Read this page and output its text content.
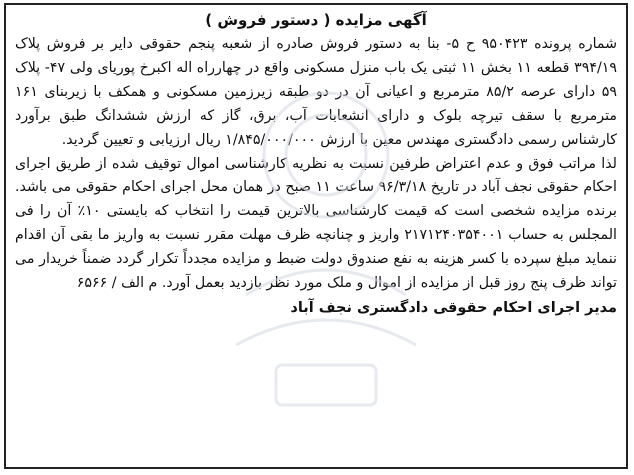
آگهی مزایده ( دستور فروش )

شماره پرونده ۹۵۰۴۲۳ ح ۵- بنا به دستور فروش صادره از شعبه پنجم حقوقی دایر بر فروش پلاک ۳۹۴/۱۹ قطعه ۱۱ بخش ۱۱ ثبتی یک باب منزل مسکونی واقع در چهارراه اله اکبرخ پوریای ولی ۴۷- پلاک ۵۹ دارای عرصه ۸۵/۲ مترمربع و اعیانی آن در دو طبقه زیرزمین مسکونی و همکف با زیربنای ۱۶۱ مترمربع با سقف تیرچه بلوک و دارای انشعابات آب، برق، گاز که ارزش ششدانگ طبق برآورد کارشناس رسمی دادگستری مهندس معین با ارزش ۱/۸۴۵/۰۰۰/۰۰۰ ریال ارزیابی و تعیین گردید.

لذا مراتب فوق و عدم اعتراض طرفین نسبت به نظریه کارشناسی اموال توقیف شده از طریق اجرای احکام حقوقی نجف آباد در تاریخ ۹۶/۳/۱۸ ساعت ۱۱ صبح در همان محل اجرای احکام حقوقی می باشد. برنده مزایده شخصی است که قیمت کارشناسی بالاترین قیمت را انتخاب که بایستی ۱۰٪ آن را فی المجلس به حساب ۲۱۷۱۲۴۰۳۵۴۰۰۱ واریز و چنانچه ظرف مهلت مقرر نسبت به واریز ما بقی آن اقدام ننماید مبلغ سپرده با کسر هزینه به نفع صندوق دولت ضبط و مزایده مجدداً تکرار گردد ضمناً خریدار می تواند ظرف پنج روز قبل از مزایده از اموال و ملک مورد نظر بازدید بعمل آورد. م الف / ۶۵۶۶

مدیر اجرای احکام حقوقی دادگستری نجف آباد
